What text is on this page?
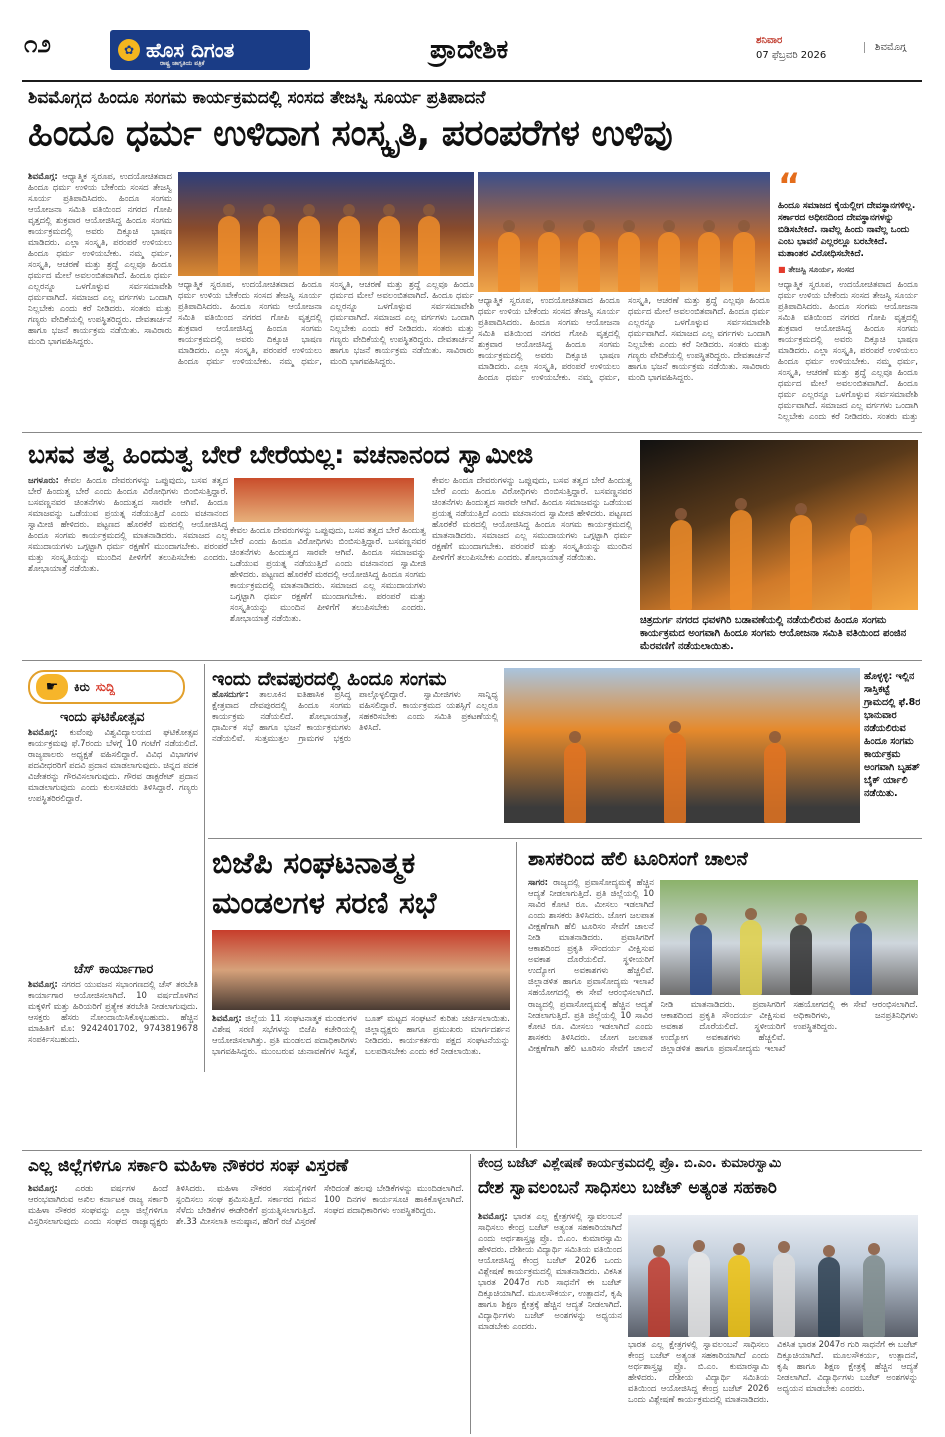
೧೨	✿ ಹೊಸ ದಿಗಂತ
ರಾಷ್ಟ್ರ ಜಾಗೃತಿಯ ಪತ್ರಿಕೆ	ಪ್ರಾದೇಶಿಕ	ಶನಿವಾರ
07 ಫೆಬ್ರವರಿ 2026
ಶಿವಮೊಗ್ಗ
ಶಿವಮೊಗ್ಗದ ಹಿಂದೂ ಸಂಗಮ ಕಾರ್ಯಕ್ರಮದಲ್ಲಿ ಸಂಸದ ತೇಜಸ್ವಿ ಸೂರ್ಯ ಪ್ರತಿಪಾದನೆ
ಹಿಂದೂ ಧರ್ಮ ಉಳಿದಾಗ ಸಂಸ್ಕೃತಿ, ಪರಂಪರೆಗಳ ಉಳಿವು
ಶಿವಮೊಗ್ಗ: ಆಧ್ಯಾತ್ಮಿಕ ಸ್ವರೂಪ, ಉದಯೋಚಿತವಾದ ಹಿಂದೂ ಧರ್ಮ ಉಳಿಯ ಬೇಕೆಂದು ಸಂಸದ ತೇಜಸ್ವಿ ಸೂರ್ಯ ಪ್ರತಿಪಾದಿಸಿದರು. ಹಿಂದೂ ಸಂಗಮ ಆಯೋಜನಾ ಸಮಿತಿ ವತಿಯಿಂದ ನಗರದ ಗೋಪಿ ವೃತ್ತದಲ್ಲಿ ಶುಕ್ರವಾರ ಆಯೋಜಿಸಿದ್ದ ಹಿಂದೂ ಸಂಗಮ ಕಾರ್ಯಕ್ರಮದಲ್ಲಿ ಅವರು ದಿಕ್ಸೂಚಿ ಭಾಷಣ ಮಾಡಿದರು. ಎಲ್ಲಾ ಸಂಸ್ಕೃತಿ, ಪರಂಪರೆ ಉಳಿಯಲು ಹಿಂದೂ ಧರ್ಮ ಉಳಿಯಬೇಕು. ನಮ್ಮ ಧರ್ಮ, ಸಂಸ್ಕೃತಿ, ಆಚರಣೆ ಮತ್ತು ಶ್ರದ್ಧೆ ಎಲ್ಲವೂ ಹಿಂದೂ ಧರ್ಮದ ಮೇಲೆ ಅವಲಂಬಿತವಾಗಿದೆ. ಹಿಂದೂ ಧರ್ಮ ಎಲ್ಲರನ್ನೂ ಒಳಗೊಳ್ಳುವ ಸರ್ವಸಮಾವೇಶಿ ಧರ್ಮವಾಗಿದೆ. ಸಮಾಜದ ಎಲ್ಲ ವರ್ಗಗಳು ಒಂದಾಗಿ ನಿಲ್ಲಬೇಕು ಎಂದು ಕರೆ ನೀಡಿದರು. ಸಂತರು ಮತ್ತು ಗಣ್ಯರು ವೇದಿಕೆಯಲ್ಲಿ ಉಪಸ್ಥಿತರಿದ್ದರು. ದೇವತಾರ್ಚನೆ ಹಾಗೂ ಭಜನೆ ಕಾರ್ಯಕ್ರಮ ನಡೆಯಿತು. ಸಾವಿರಾರು ಮಂದಿ ಭಾಗವಹಿಸಿದ್ದರು.
“
ಹಿಂದೂ ಸಮಾಜದ ಕೈಯಲ್ಲೀಗ ದೇವಸ್ಥಾನಗಳಿಲ್ಲ. ಸರ್ಕಾರದ ಅಧೀನದಿಂದ ದೇವಸ್ಥಾನಗಳನ್ನು ಬಿಡಿಸಬೇಕಿದೆ. ನಾವೆಲ್ಲ ಹಿಂದು ನಾವೆಲ್ಲ ಒಂದು ಎಂಬ ಭಾವನೆ ಎಲ್ಲರಲ್ಲೂ ಬರಬೇಕಿದೆ. ಮತಾಂತರ ವಿರೋಧಿಸಬೇಕಿದೆ.
■ ತೇಜಸ್ವಿ ಸೂರ್ಯ, ಸಂಸದ
ಆಧ್ಯಾತ್ಮಿಕ ಸ್ವರೂಪ, ಉದಯೋಚಿತವಾದ ಹಿಂದೂ ಧರ್ಮ ಉಳಿಯ ಬೇಕೆಂದು ಸಂಸದ ತೇಜಸ್ವಿ ಸೂರ್ಯ ಪ್ರತಿಪಾದಿಸಿದರು. ಹಿಂದೂ ಸಂಗಮ ಆಯೋಜನಾ ಸಮಿತಿ ವತಿಯಿಂದ ನಗರದ ಗೋಪಿ ವೃತ್ತದಲ್ಲಿ ಶುಕ್ರವಾರ ಆಯೋಜಿಸಿದ್ದ ಹಿಂದೂ ಸಂಗಮ ಕಾರ್ಯಕ್ರಮದಲ್ಲಿ ಅವರು ದಿಕ್ಸೂಚಿ ಭಾಷಣ ಮಾಡಿದರು. ಎಲ್ಲಾ ಸಂಸ್ಕೃತಿ, ಪರಂಪರೆ ಉಳಿಯಲು ಹಿಂದೂ ಧರ್ಮ ಉಳಿಯಬೇಕು. ನಮ್ಮ ಧರ್ಮ, ಸಂಸ್ಕೃತಿ, ಆಚರಣೆ ಮತ್ತು ಶ್ರದ್ಧೆ ಎಲ್ಲವೂ ಹಿಂದೂ ಧರ್ಮದ ಮೇಲೆ ಅವಲಂಬಿತವಾಗಿದೆ. ಹಿಂದೂ ಧರ್ಮ ಎಲ್ಲರನ್ನೂ ಒಳಗೊಳ್ಳುವ ಸರ್ವಸಮಾವೇಶಿ ಧರ್ಮವಾಗಿದೆ. ಸಮಾಜದ ಎಲ್ಲ ವರ್ಗಗಳು ಒಂದಾಗಿ ನಿಲ್ಲಬೇಕು ಎಂದು ಕರೆ ನೀಡಿದರು. ಸಂತರು ಮತ್ತು ಗಣ್ಯರು ವೇದಿಕೆಯಲ್ಲಿ ಉಪಸ್ಥಿತರಿದ್ದರು. ದೇವತಾರ್ಚನೆ ಹಾಗೂ ಭಜನೆ ಕಾರ್ಯಕ್ರಮ ನಡೆಯಿತು. ಸಾವಿರಾರು ಮಂದಿ ಭಾಗವಹಿಸಿದ್ದರು.
ಆಧ್ಯಾತ್ಮಿಕ ಸ್ವರೂಪ, ಉದಯೋಚಿತವಾದ ಹಿಂದೂ ಧರ್ಮ ಉಳಿಯ ಬೇಕೆಂದು ಸಂಸದ ತೇಜಸ್ವಿ ಸೂರ್ಯ ಪ್ರತಿಪಾದಿಸಿದರು. ಹಿಂದೂ ಸಂಗಮ ಆಯೋಜನಾ ಸಮಿತಿ ವತಿಯಿಂದ ನಗರದ ಗೋಪಿ ವೃತ್ತದಲ್ಲಿ ಶುಕ್ರವಾರ ಆಯೋಜಿಸಿದ್ದ ಹಿಂದೂ ಸಂಗಮ ಕಾರ್ಯಕ್ರಮದಲ್ಲಿ ಅವರು ದಿಕ್ಸೂಚಿ ಭಾಷಣ ಮಾಡಿದರು. ಎಲ್ಲಾ ಸಂಸ್ಕೃತಿ, ಪರಂಪರೆ ಉಳಿಯಲು ಹಿಂದೂ ಧರ್ಮ ಉಳಿಯಬೇಕು. ನಮ್ಮ ಧರ್ಮ, ಸಂಸ್ಕೃತಿ, ಆಚರಣೆ ಮತ್ತು ಶ್ರದ್ಧೆ ಎಲ್ಲವೂ ಹಿಂದೂ ಧರ್ಮದ ಮೇಲೆ ಅವಲಂಬಿತವಾಗಿದೆ. ಹಿಂದೂ ಧರ್ಮ ಎಲ್ಲರನ್ನೂ ಒಳಗೊಳ್ಳುವ ಸರ್ವಸಮಾವೇಶಿ ಧರ್ಮವಾಗಿದೆ. ಸಮಾಜದ ಎಲ್ಲ ವರ್ಗಗಳು ಒಂದಾಗಿ ನಿಲ್ಲಬೇಕು ಎಂದು ಕರೆ ನೀಡಿದರು. ಸಂತರು ಮತ್ತು ಗಣ್ಯರು ವೇದಿಕೆಯಲ್ಲಿ ಉಪಸ್ಥಿತರಿದ್ದರು. ದೇವತಾರ್ಚನೆ ಹಾಗೂ ಭಜನೆ ಕಾರ್ಯಕ್ರಮ ನಡೆಯಿತು. ಸಾವಿರಾರು ಮಂದಿ ಭಾಗವಹಿಸಿದ್ದರು.
ಆಧ್ಯಾತ್ಮಿಕ ಸ್ವರೂಪ, ಉದಯೋಚಿತವಾದ ಹಿಂದೂ ಧರ್ಮ ಉಳಿಯ ಬೇಕೆಂದು ಸಂಸದ ತೇಜಸ್ವಿ ಸೂರ್ಯ ಪ್ರತಿಪಾದಿಸಿದರು. ಹಿಂದೂ ಸಂಗಮ ಆಯೋಜನಾ ಸಮಿತಿ ವತಿಯಿಂದ ನಗರದ ಗೋಪಿ ವೃತ್ತದಲ್ಲಿ ಶುಕ್ರವಾರ ಆಯೋಜಿಸಿದ್ದ ಹಿಂದೂ ಸಂಗಮ ಕಾರ್ಯಕ್ರಮದಲ್ಲಿ ಅವರು ದಿಕ್ಸೂಚಿ ಭಾಷಣ ಮಾಡಿದರು. ಎಲ್ಲಾ ಸಂಸ್ಕೃತಿ, ಪರಂಪರೆ ಉಳಿಯಲು ಹಿಂದೂ ಧರ್ಮ ಉಳಿಯಬೇಕು. ನಮ್ಮ ಧರ್ಮ, ಸಂಸ್ಕೃತಿ, ಆಚರಣೆ ಮತ್ತು ಶ್ರದ್ಧೆ ಎಲ್ಲವೂ ಹಿಂದೂ ಧರ್ಮದ ಮೇಲೆ ಅವಲಂಬಿತವಾಗಿದೆ. ಹಿಂದೂ ಧರ್ಮ ಎಲ್ಲರನ್ನೂ ಒಳಗೊಳ್ಳುವ ಸರ್ವಸಮಾವೇಶಿ ಧರ್ಮವಾಗಿದೆ. ಸಮಾಜದ ಎಲ್ಲ ವರ್ಗಗಳು ಒಂದಾಗಿ ನಿಲ್ಲಬೇಕು ಎಂದು ಕರೆ ನೀಡಿದರು. ಸಂತರು ಮತ್ತು
ಬಸವ ತತ್ವ ಹಿಂದುತ್ವ ಬೇರೆ ಬೇರೆಯಲ್ಲ: ವಚನಾನಂದ ಸ್ವಾಮೀಜಿ
ಜಗಳೂರು: ಕೇವಲ ಹಿಂದೂ ದೇವರುಗಳನ್ನು ಒಪ್ಪುವುದು, ಬಸವ ತತ್ವದ ಬೇರೆ ಹಿಂದುತ್ವ ಬೇರೆ ಎಂದು ಹಿಂದೂ ವಿರೋಧಿಗಳು ಬಿಂಬಿಸುತ್ತಿದ್ದಾರೆ. ಬಸವಣ್ಣನವರ ಚಿಂತನೆಗಳು ಹಿಂದುತ್ವದ ಸಾರವೇ ಆಗಿವೆ. ಹಿಂದೂ ಸಮಾಜವನ್ನು ಒಡೆಯುವ ಪ್ರಯತ್ನ ನಡೆಯುತ್ತಿದೆ ಎಂದು ವಚನಾನಂದ ಸ್ವಾಮೀಜಿ ಹೇಳಿದರು. ಪಟ್ಟಣದ ಹೊರಕೆರೆ ಮಠದಲ್ಲಿ ಆಯೋಜಿಸಿದ್ದ ಹಿಂದೂ ಸಂಗಮ ಕಾರ್ಯಕ್ರಮದಲ್ಲಿ ಮಾತನಾಡಿದರು. ಸಮಾಜದ ಎಲ್ಲ ಸಮುದಾಯಗಳು ಒಗ್ಗಟ್ಟಾಗಿ ಧರ್ಮ ರಕ್ಷಣೆಗೆ ಮುಂದಾಗಬೇಕು. ಪರಂಪರೆ ಮತ್ತು ಸಂಸ್ಕೃತಿಯನ್ನು ಮುಂದಿನ ಪೀಳಿಗೆಗೆ ತಲುಪಿಸಬೇಕು ಎಂದರು. ಶೋಭಾಯಾತ್ರೆ ನಡೆಯಿತು.
ಕೇವಲ ಹಿಂದೂ ದೇವರುಗಳನ್ನು ಒಪ್ಪುವುದು, ಬಸವ ತತ್ವದ ಬೇರೆ ಹಿಂದುತ್ವ ಬೇರೆ ಎಂದು ಹಿಂದೂ ವಿರೋಧಿಗಳು ಬಿಂಬಿಸುತ್ತಿದ್ದಾರೆ. ಬಸವಣ್ಣನವರ ಚಿಂತನೆಗಳು ಹಿಂದುತ್ವದ ಸಾರವೇ ಆಗಿವೆ. ಹಿಂದೂ ಸಮಾಜವನ್ನು ಒಡೆಯುವ ಪ್ರಯತ್ನ ನಡೆಯುತ್ತಿದೆ ಎಂದು ವಚನಾನಂದ ಸ್ವಾಮೀಜಿ ಹೇಳಿದರು. ಪಟ್ಟಣದ ಹೊರಕೆರೆ ಮಠದಲ್ಲಿ ಆಯೋಜಿಸಿದ್ದ ಹಿಂದೂ ಸಂಗಮ ಕಾರ್ಯಕ್ರಮದಲ್ಲಿ ಮಾತನಾಡಿದರು. ಸಮಾಜದ ಎಲ್ಲ ಸಮುದಾಯಗಳು ಒಗ್ಗಟ್ಟಾಗಿ ಧರ್ಮ ರಕ್ಷಣೆಗೆ ಮುಂದಾಗಬೇಕು. ಪರಂಪರೆ ಮತ್ತು ಸಂಸ್ಕೃತಿಯನ್ನು ಮುಂದಿನ ಪೀಳಿಗೆಗೆ ತಲುಪಿಸಬೇಕು ಎಂದರು. ಶೋಭಾಯಾತ್ರೆ ನಡೆಯಿತು.
ಕೇವಲ ಹಿಂದೂ ದೇವರುಗಳನ್ನು ಒಪ್ಪುವುದು, ಬಸವ ತತ್ವದ ಬೇರೆ ಹಿಂದುತ್ವ ಬೇರೆ ಎಂದು ಹಿಂದೂ ವಿರೋಧಿಗಳು ಬಿಂಬಿಸುತ್ತಿದ್ದಾರೆ. ಬಸವಣ್ಣನವರ ಚಿಂತನೆಗಳು ಹಿಂದುತ್ವದ ಸಾರವೇ ಆಗಿವೆ. ಹಿಂದೂ ಸಮಾಜವನ್ನು ಒಡೆಯುವ ಪ್ರಯತ್ನ ನಡೆಯುತ್ತಿದೆ ಎಂದು ವಚನಾನಂದ ಸ್ವಾಮೀಜಿ ಹೇಳಿದರು. ಪಟ್ಟಣದ ಹೊರಕೆರೆ ಮಠದಲ್ಲಿ ಆಯೋಜಿಸಿದ್ದ ಹಿಂದೂ ಸಂಗಮ ಕಾರ್ಯಕ್ರಮದಲ್ಲಿ ಮಾತನಾಡಿದರು. ಸಮಾಜದ ಎಲ್ಲ ಸಮುದಾಯಗಳು ಒಗ್ಗಟ್ಟಾಗಿ ಧರ್ಮ ರಕ್ಷಣೆಗೆ ಮುಂದಾಗಬೇಕು. ಪರಂಪರೆ ಮತ್ತು ಸಂಸ್ಕೃತಿಯನ್ನು ಮುಂದಿನ ಪೀಳಿಗೆಗೆ ತಲುಪಿಸಬೇಕು ಎಂದರು. ಶೋಭಾಯಾತ್ರೆ ನಡೆಯಿತು.
ಚಿತ್ರದುರ್ಗ ನಗರದ ಧವಳಗಿರಿ ಬಡಾವಣೆಯಲ್ಲಿ ನಡೆಯಲಿರುವ ಹಿಂದೂ ಸಂಗಮ ಕಾರ್ಯಕ್ರಮದ ಅಂಗವಾಗಿ ಹಿಂದೂ ಸಂಗಮ ಆಯೋಜನಾ ಸಮಿತಿ ವತಿಯಿಂದ ಪಂಜಿನ ಮೆರವಣಿಗೆ ನಡೆಯಲಾಯಿತು.
☛	ಕಿರು ಸುದ್ದಿ
ಇಂದು ಘಟಿಕೋತ್ಸವ
ಶಿವಮೊಗ್ಗ: ಕುವೆಂಪು ವಿಶ್ವವಿದ್ಯಾಲಯದ ಘಟಿಕೋತ್ಸವ ಕಾರ್ಯಕ್ರಮವು ಫೆ.7ರಂದು ಬೆಳಗ್ಗೆ 10 ಗಂಟೆಗೆ ನಡೆಯಲಿದೆ. ರಾಜ್ಯಪಾಲರು ಅಧ್ಯಕ್ಷತೆ ವಹಿಸಲಿದ್ದಾರೆ. ವಿವಿಧ ವಿಭಾಗಗಳ ಪದವೀಧರರಿಗೆ ಪದವಿ ಪ್ರದಾನ ಮಾಡಲಾಗುವುದು. ಚಿನ್ನದ ಪದಕ ವಿಜೇತರನ್ನು ಗೌರವಿಸಲಾಗುವುದು. ಗೌರವ ಡಾಕ್ಟರೇಟ್ ಪ್ರದಾನ ಮಾಡಲಾಗುವುದು ಎಂದು ಕುಲಸಚಿವರು ತಿಳಿಸಿದ್ದಾರೆ. ಗಣ್ಯರು ಉಪಸ್ಥಿತರಿರಲಿದ್ದಾರೆ.
ಚೆಸ್ ಕಾರ್ಯಾಗಾರ
ಶಿವಮೊಗ್ಗ: ನಗರದ ಯುವಜನ ಸಭಾಂಗಣದಲ್ಲಿ ಚೆಸ್ ತರಬೇತಿ ಕಾರ್ಯಾಗಾರ ಆಯೋಜಿಸಲಾಗಿದೆ. 10 ವರ್ಷದೊಳಗಿನ ಮಕ್ಕಳಿಗೆ ಮತ್ತು ಹಿರಿಯರಿಗೆ ಪ್ರತ್ಯೇಕ ತರಬೇತಿ ನೀಡಲಾಗುವುದು. ಆಸಕ್ತರು ಹೆಸರು ನೋಂದಾಯಿಸಿಕೊಳ್ಳಬಹುದು. ಹೆಚ್ಚಿನ ಮಾಹಿತಿಗೆ ಮೊ: 9242401702, 9743819678 ಸಂಪರ್ಕಿಸಬಹುದು.
ಇಂದು ದೇವಪುರದಲ್ಲಿ ಹಿಂದೂ ಸಂಗಮ
ಹೊಸದುರ್ಗ: ತಾಲೂಕಿನ ಐತಿಹಾಸಿಕ ಪ್ರಸಿದ್ಧ ಕ್ಷೇತ್ರವಾದ ದೇವಪುರದಲ್ಲಿ ಹಿಂದೂ ಸಂಗಮ ಕಾರ್ಯಕ್ರಮ ನಡೆಯಲಿದೆ. ಶೋಭಾಯಾತ್ರೆ, ಧಾರ್ಮಿಕ ಸಭೆ ಹಾಗೂ ಭಜನೆ ಕಾರ್ಯಕ್ರಮಗಳು ನಡೆಯಲಿವೆ. ಸುತ್ತಮುತ್ತಲ ಗ್ರಾಮಗಳ ಭಕ್ತರು ಪಾಲ್ಗೊಳ್ಳಲಿದ್ದಾರೆ. ಸ್ವಾಮೀಜಿಗಳು ಸಾನ್ನಿಧ್ಯ ವಹಿಸಲಿದ್ದಾರೆ. ಕಾರ್ಯಕ್ರಮದ ಯಶಸ್ಸಿಗೆ ಎಲ್ಲರೂ ಸಹಕರಿಸಬೇಕು ಎಂದು ಸಮಿತಿ ಪ್ರಕಟಣೆಯಲ್ಲಿ ತಿಳಿಸಿದೆ.
ಹೊಳ್ಳಳ್ಳಿ: ಇಲ್ಲಿನ ಸಾಸ್ತಿಕಟ್ಟೆ ಗ್ರಾಮದಲ್ಲಿ ಫೆ.8ರ ಭಾನುವಾರ ನಡೆಯಲಿರುವ ಹಿಂದೂ ಸಂಗಮ ಕಾರ್ಯಕ್ರಮ ಅಂಗವಾಗಿ ಬೃಹತ್ ಬೈಕ್ ರ್ಯಾಲಿ ನಡೆಯಿತು.
ಬಿಜೆಪಿ ಸಂಘಟನಾತ್ಮಕ
ಮಂಡಲಗಳ ಸರಣಿ ಸಭೆ
ಶಿವಮೊಗ್ಗ: ಜಿಲ್ಲೆಯ 11 ಸಂಘಟನಾತ್ಮಕ ಮಂಡಲಗಳ ವಿಶೇಷ ಸರಣಿ ಸಭೆಗಳನ್ನು ಬಿಜೆಪಿ ಕಚೇರಿಯಲ್ಲಿ ಆಯೋಜಿಸಲಾಗಿತ್ತು. ಪ್ರತಿ ಮಂಡಲದ ಪದಾಧಿಕಾರಿಗಳು ಭಾಗವಹಿಸಿದ್ದರು. ಮುಂಬರುವ ಚುನಾವಣೆಗಳ ಸಿದ್ಧತೆ, ಬೂತ್ ಮಟ್ಟದ ಸಂಘಟನೆ ಕುರಿತು ಚರ್ಚಿಸಲಾಯಿತು. ಜಿಲ್ಲಾಧ್ಯಕ್ಷರು ಹಾಗೂ ಪ್ರಮುಖರು ಮಾರ್ಗದರ್ಶನ ನೀಡಿದರು. ಕಾರ್ಯಕರ್ತರು ಪಕ್ಷದ ಸಂಘಟನೆಯನ್ನು ಬಲಪಡಿಸಬೇಕು ಎಂದು ಕರೆ ನೀಡಲಾಯಿತು.
ಶಾಸಕರಿಂದ ಹೆಲಿ ಟೂರಿಸಂಗೆ ಚಾಲನೆ
ಸಾಗರ: ರಾಜ್ಯದಲ್ಲಿ ಪ್ರವಾಸೋದ್ಯಮಕ್ಕೆ ಹೆಚ್ಚಿನ ಆದ್ಯತೆ ನೀಡಲಾಗುತ್ತಿದೆ. ಪ್ರತಿ ಜಿಲ್ಲೆಯಲ್ಲಿ 10 ಸಾವಿರ ಕೋಟಿ ರೂ. ಮೀಸಲು ಇಡಲಾಗಿದೆ ಎಂದು ಶಾಸಕರು ತಿಳಿಸಿದರು. ಜೋಗ ಜಲಪಾತ ವೀಕ್ಷಣೆಗಾಗಿ ಹೆಲಿ ಟೂರಿಸಂ ಸೇವೆಗೆ ಚಾಲನೆ ನೀಡಿ ಮಾತನಾಡಿದರು. ಪ್ರವಾಸಿಗರಿಗೆ ಆಕಾಶದಿಂದ ಪ್ರಕೃತಿ ಸೌಂದರ್ಯ ವೀಕ್ಷಿಸುವ ಅವಕಾಶ ದೊರೆಯಲಿದೆ. ಸ್ಥಳೀಯರಿಗೆ ಉದ್ಯೋಗ ಅವಕಾಶಗಳು ಹೆಚ್ಚಲಿವೆ. ಜಿಲ್ಲಾಡಳಿತ ಹಾಗೂ ಪ್ರವಾಸೋದ್ಯಮ ಇಲಾಖೆ ಸಹಯೋಗದಲ್ಲಿ ಈ ಸೇವೆ ಆರಂಭಿಸಲಾಗಿದೆ.
ರಾಜ್ಯದಲ್ಲಿ ಪ್ರವಾಸೋದ್ಯಮಕ್ಕೆ ಹೆಚ್ಚಿನ ಆದ್ಯತೆ ನೀಡಲಾಗುತ್ತಿದೆ. ಪ್ರತಿ ಜಿಲ್ಲೆಯಲ್ಲಿ 10 ಸಾವಿರ ಕೋಟಿ ರೂ. ಮೀಸಲು ಇಡಲಾಗಿದೆ ಎಂದು ಶಾಸಕರು ತಿಳಿಸಿದರು. ಜೋಗ ಜಲಪಾತ ವೀಕ್ಷಣೆಗಾಗಿ ಹೆಲಿ ಟೂರಿಸಂ ಸೇವೆಗೆ ಚಾಲನೆ ನೀಡಿ ಮಾತನಾಡಿದರು. ಪ್ರವಾಸಿಗರಿಗೆ ಆಕಾಶದಿಂದ ಪ್ರಕೃತಿ ಸೌಂದರ್ಯ ವೀಕ್ಷಿಸುವ ಅವಕಾಶ ದೊರೆಯಲಿದೆ. ಸ್ಥಳೀಯರಿಗೆ ಉದ್ಯೋಗ ಅವಕಾಶಗಳು ಹೆಚ್ಚಲಿವೆ. ಜಿಲ್ಲಾಡಳಿತ ಹಾಗೂ ಪ್ರವಾಸೋದ್ಯಮ ಇಲಾಖೆ ಸಹಯೋಗದಲ್ಲಿ ಈ ಸೇವೆ ಆರಂಭಿಸಲಾಗಿದೆ. ಅಧಿಕಾರಿಗಳು, ಜನಪ್ರತಿನಿಧಿಗಳು ಉಪಸ್ಥಿತರಿದ್ದರು.
ಎಲ್ಲ ಜಿಲ್ಲೆಗಳಿಗೂ ಸರ್ಕಾರಿ ಮಹಿಳಾ ನೌಕರರ ಸಂಘ ವಿಸ್ತರಣೆ
ಶಿವಮೊಗ್ಗ: ಎರಡು ವರ್ಷಗಳ ಹಿಂದೆ ಆರಂಭವಾಗಿರುವ ಅಖಿಲ ಕರ್ನಾಟಕ ರಾಜ್ಯ ಸರ್ಕಾರಿ ಮಹಿಳಾ ನೌಕರರ ಸಂಘವನ್ನು ಎಲ್ಲಾ ಜಿಲ್ಲೆಗಳಿಗೂ ವಿಸ್ತರಿಸಲಾಗುವುದು ಎಂದು ಸಂಘದ ರಾಜ್ಯಾಧ್ಯಕ್ಷರು ತಿಳಿಸಿದರು. ಮಹಿಳಾ ನೌಕರರ ಸಮಸ್ಯೆಗಳಿಗೆ ಸ್ಪಂದಿಸಲು ಸಂಘ ಶ್ರಮಿಸುತ್ತಿದೆ. ಸರ್ಕಾರದ ಗಮನ ಸೆಳೆದು ಬೇಡಿಕೆಗಳ ಈಡೇರಿಕೆಗೆ ಪ್ರಯತ್ನಿಸಲಾಗುತ್ತಿದೆ. ಶೇ.33 ಮೀಸಲಾತಿ ಅನುಷ್ಠಾನ, ಹೆರಿಗೆ ರಜೆ ವಿಸ್ತರಣೆ ಸೇರಿದಂತೆ ಹಲವು ಬೇಡಿಕೆಗಳನ್ನು ಮುಂದಿಡಲಾಗಿದೆ. 100 ದಿನಗಳ ಕಾರ್ಯಸೂಚಿ ಹಾಕಿಕೊಳ್ಳಲಾಗಿದೆ. ಸಂಘದ ಪದಾಧಿಕಾರಿಗಳು ಉಪಸ್ಥಿತರಿದ್ದರು.
ಕೇಂದ್ರ ಬಜೆಟ್ ವಿಶ್ಲೇಷಣೆ ಕಾರ್ಯಕ್ರಮದಲ್ಲಿ ಪ್ರೊ. ಬಿ.ಎಂ. ಕುಮಾರಸ್ವಾಮಿ
ದೇಶ ಸ್ವಾವಲಂಬನೆ ಸಾಧಿಸಲು ಬಜೆಟ್ ಅತ್ಯಂತ ಸಹಕಾರಿ
ಶಿವಮೊಗ್ಗ: ಭಾರತ ಎಲ್ಲ ಕ್ಷೇತ್ರಗಳಲ್ಲಿ ಸ್ವಾವಲಂಬನೆ ಸಾಧಿಸಲು ಕೇಂದ್ರ ಬಜೆಟ್ ಅತ್ಯಂತ ಸಹಕಾರಿಯಾಗಿದೆ ಎಂದು ಅರ್ಥಶಾಸ್ತ್ರಜ್ಞ ಪ್ರೊ. ಬಿ.ಎಂ. ಕುಮಾರಸ್ವಾಮಿ ಹೇಳಿದರು. ದೇಶೀಯ ವಿದ್ಯಾರ್ಥಿ ಸಮಿತಿಯ ವತಿಯಿಂದ ಆಯೋಜಿಸಿದ್ದ ಕೇಂದ್ರ ಬಜೆಟ್ 2026 ಒಂದು ವಿಶ್ಲೇಷಣೆ ಕಾರ್ಯಕ್ರಮದಲ್ಲಿ ಮಾತನಾಡಿದರು. ವಿಕಸಿತ ಭಾರತ 2047ರ ಗುರಿ ಸಾಧನೆಗೆ ಈ ಬಜೆಟ್ ದಿಕ್ಸೂಚಿಯಾಗಿದೆ. ಮೂಲಸೌಕರ್ಯ, ಉತ್ಪಾದನೆ, ಕೃಷಿ ಹಾಗೂ ಶಿಕ್ಷಣ ಕ್ಷೇತ್ರಕ್ಕೆ ಹೆಚ್ಚಿನ ಆದ್ಯತೆ ನೀಡಲಾಗಿದೆ. ವಿದ್ಯಾರ್ಥಿಗಳು ಬಜೆಟ್ ಅಂಶಗಳನ್ನು ಅಧ್ಯಯನ ಮಾಡಬೇಕು ಎಂದರು.
ಭಾರತ ಎಲ್ಲ ಕ್ಷೇತ್ರಗಳಲ್ಲಿ ಸ್ವಾವಲಂಬನೆ ಸಾಧಿಸಲು ಕೇಂದ್ರ ಬಜೆಟ್ ಅತ್ಯಂತ ಸಹಕಾರಿಯಾಗಿದೆ ಎಂದು ಅರ್ಥಶಾಸ್ತ್ರಜ್ಞ ಪ್ರೊ. ಬಿ.ಎಂ. ಕುಮಾರಸ್ವಾಮಿ ಹೇಳಿದರು. ದೇಶೀಯ ವಿದ್ಯಾರ್ಥಿ ಸಮಿತಿಯ ವತಿಯಿಂದ ಆಯೋಜಿಸಿದ್ದ ಕೇಂದ್ರ ಬಜೆಟ್ 2026 ಒಂದು ವಿಶ್ಲೇಷಣೆ ಕಾರ್ಯಕ್ರಮದಲ್ಲಿ ಮಾತನಾಡಿದರು. ವಿಕಸಿತ ಭಾರತ 2047ರ ಗುರಿ ಸಾಧನೆಗೆ ಈ ಬಜೆಟ್ ದಿಕ್ಸೂಚಿಯಾಗಿದೆ. ಮೂಲಸೌಕರ್ಯ, ಉತ್ಪಾದನೆ, ಕೃಷಿ ಹಾಗೂ ಶಿಕ್ಷಣ ಕ್ಷೇತ್ರಕ್ಕೆ ಹೆಚ್ಚಿನ ಆದ್ಯತೆ ನೀಡಲಾಗಿದೆ. ವಿದ್ಯಾರ್ಥಿಗಳು ಬಜೆಟ್ ಅಂಶಗಳನ್ನು ಅಧ್ಯಯನ ಮಾಡಬೇಕು ಎಂದರು.
